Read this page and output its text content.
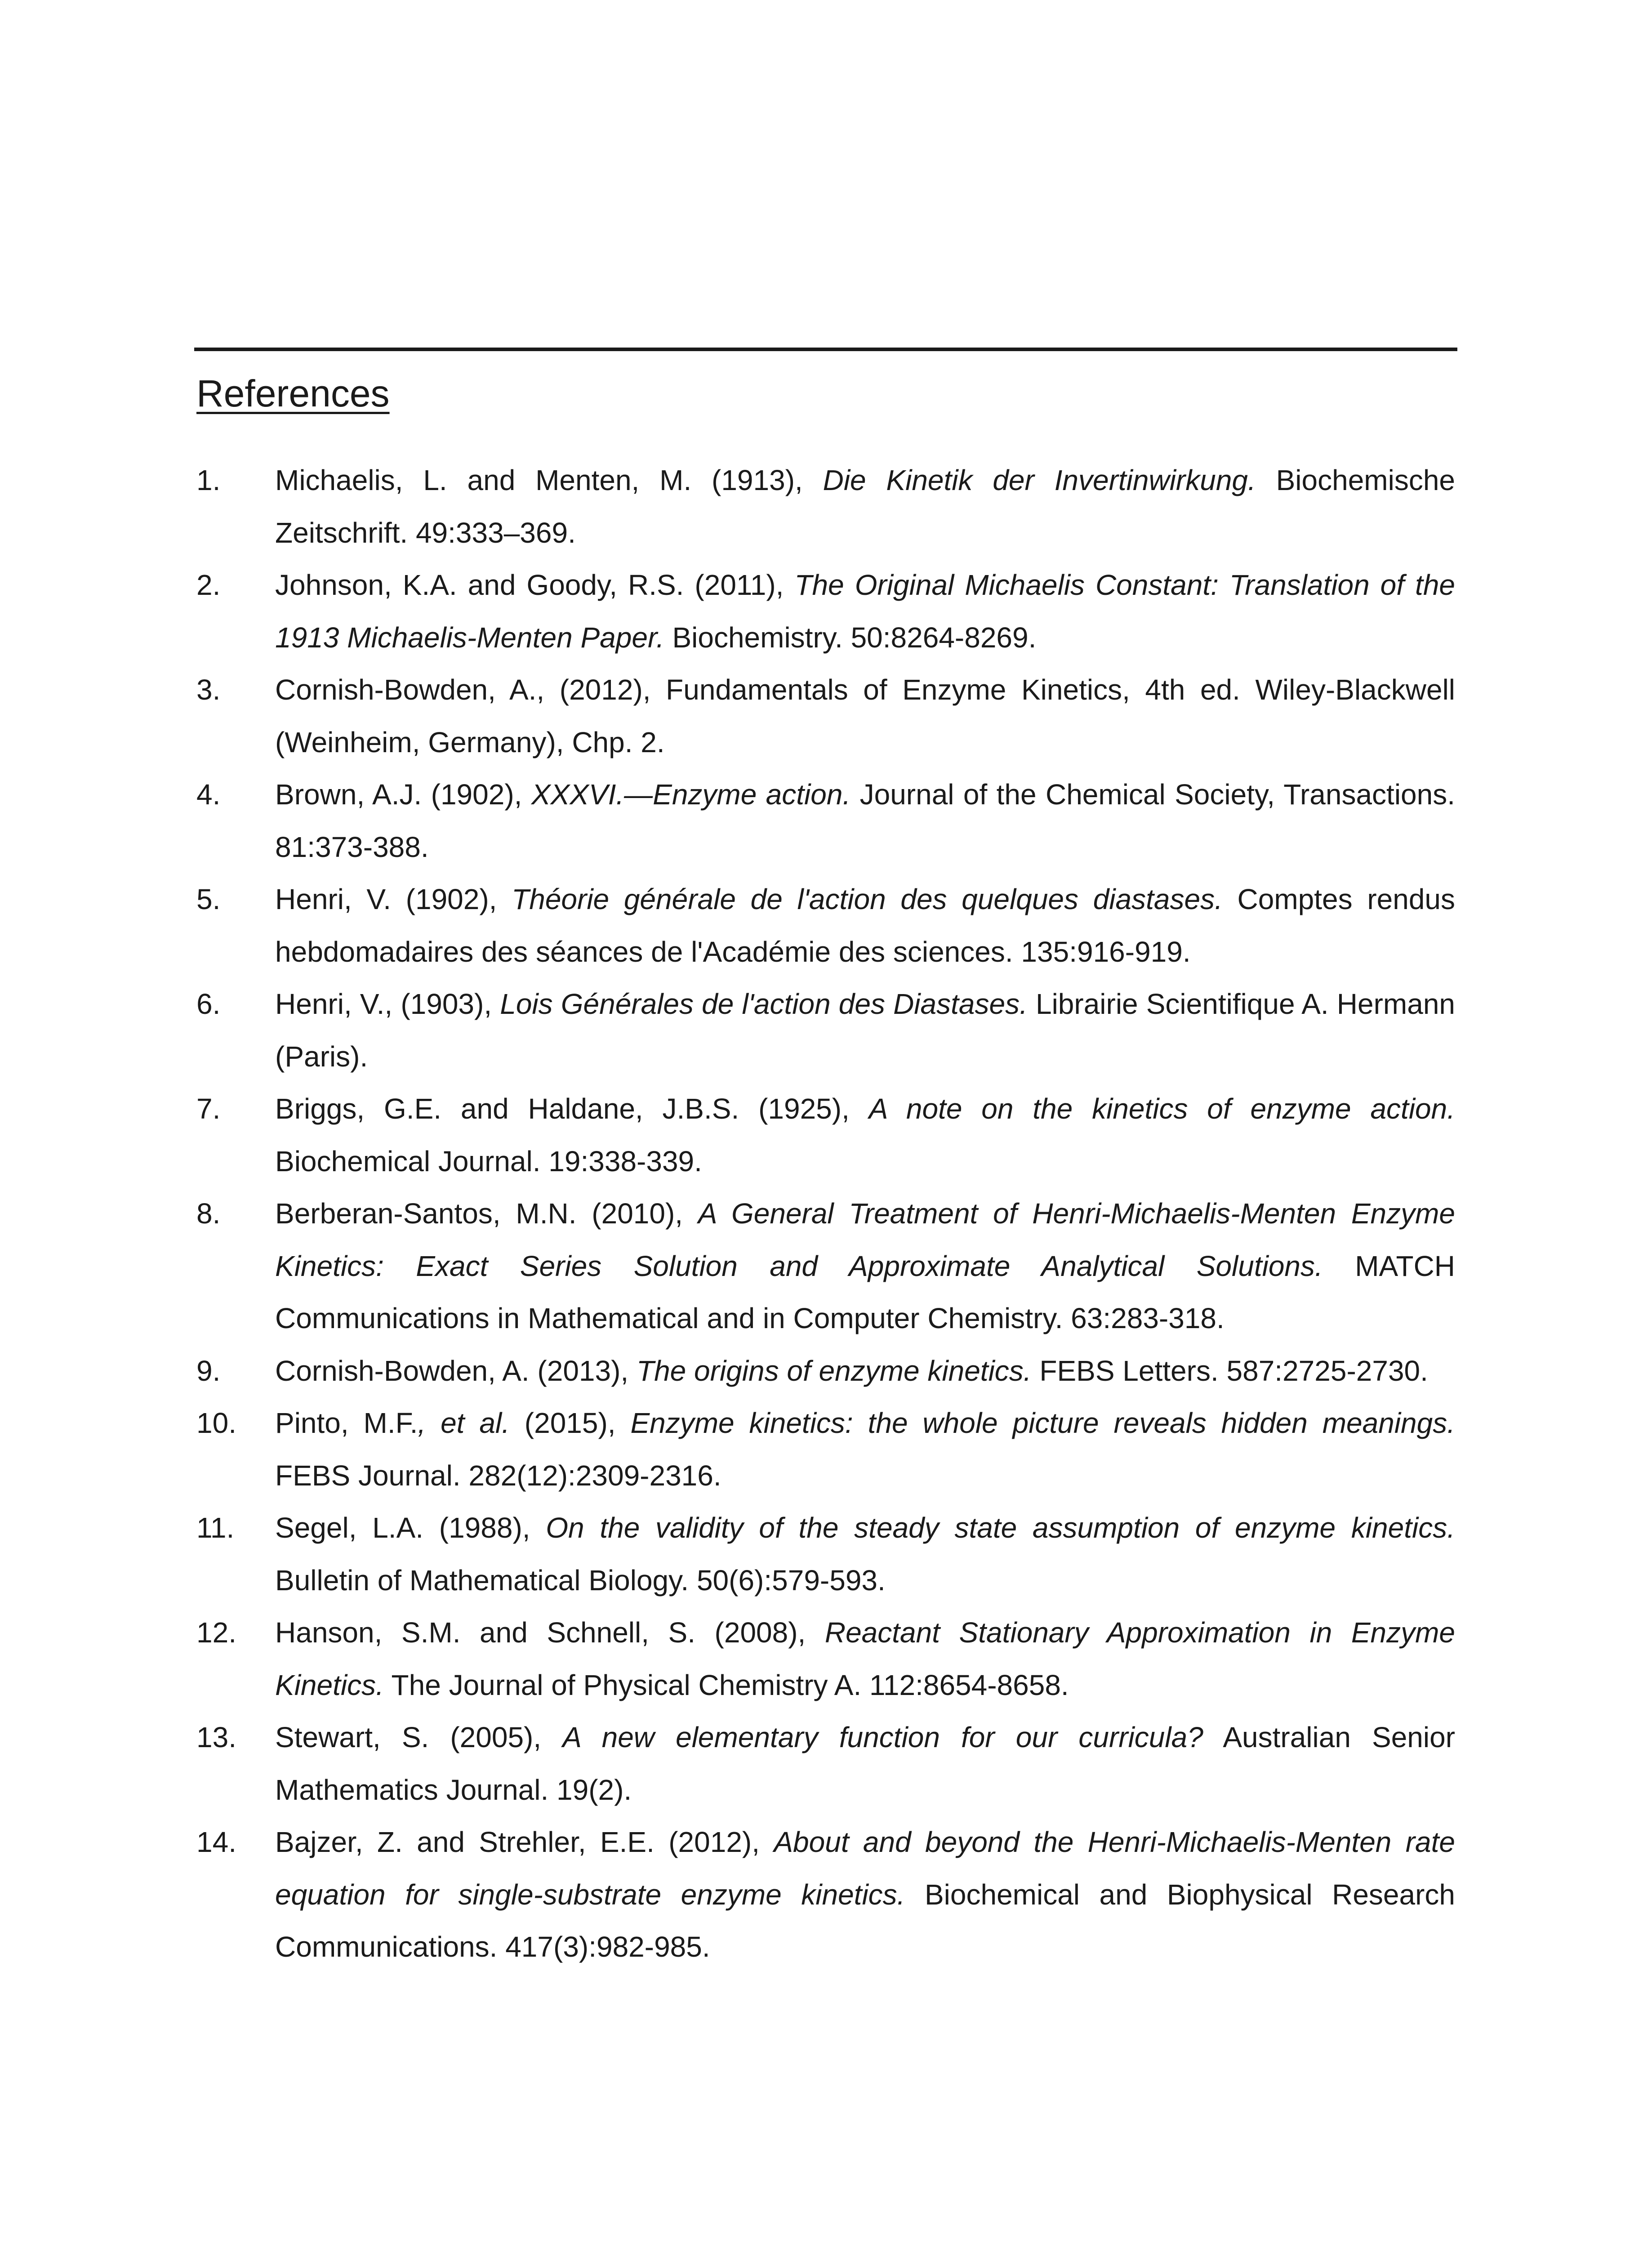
References
1. Michaelis, L. and Menten, M. (1913), Die Kinetik der Invertinwirkung. Biochemische Zeitschrift. 49:333–369.
2. Johnson, K.A. and Goody, R.S. (2011), The Original Michaelis Constant: Translation of the 1913 Michaelis-Menten Paper. Biochemistry. 50:8264-8269.
3. Cornish-Bowden, A., (2012), Fundamentals of Enzyme Kinetics, 4th ed. Wiley-Blackwell (Weinheim, Germany), Chp. 2.
4. Brown, A.J. (1902), XXXVI.—Enzyme action. Journal of the Chemical Society, Transactions. 81:373-388.
5. Henri, V. (1902), Théorie générale de l'action des quelques diastases. Comptes rendus hebdomadaires des séances de l'Académie des sciences. 135:916-919.
6. Henri, V., (1903), Lois Générales de l'action des Diastases. Librairie Scientifique A. Hermann (Paris).
7. Briggs, G.E. and Haldane, J.B.S. (1925), A note on the kinetics of enzyme action. Biochemical Journal. 19:338-339.
8. Berberan-Santos, M.N. (2010), A General Treatment of Henri-Michaelis-Menten Enzyme Kinetics: Exact Series Solution and Approximate Analytical Solutions. MATCH Communications in Mathematical and in Computer Chemistry. 63:283-318.
9. Cornish-Bowden, A. (2013), The origins of enzyme kinetics. FEBS Letters. 587:2725-2730.
10. Pinto, M.F., et al. (2015), Enzyme kinetics: the whole picture reveals hidden meanings. FEBS Journal. 282(12):2309-2316.
11. Segel, L.A. (1988), On the validity of the steady state assumption of enzyme kinetics. Bulletin of Mathematical Biology. 50(6):579-593.
12. Hanson, S.M. and Schnell, S. (2008), Reactant Stationary Approximation in Enzyme Kinetics. The Journal of Physical Chemistry A. 112:8654-8658.
13. Stewart, S. (2005), A new elementary function for our curricula? Australian Senior Mathematics Journal. 19(2).
14. Bajzer, Z. and Strehler, E.E. (2012), About and beyond the Henri-Michaelis-Menten rate equation for single-substrate enzyme kinetics. Biochemical and Biophysical Research Communications. 417(3):982-985.
